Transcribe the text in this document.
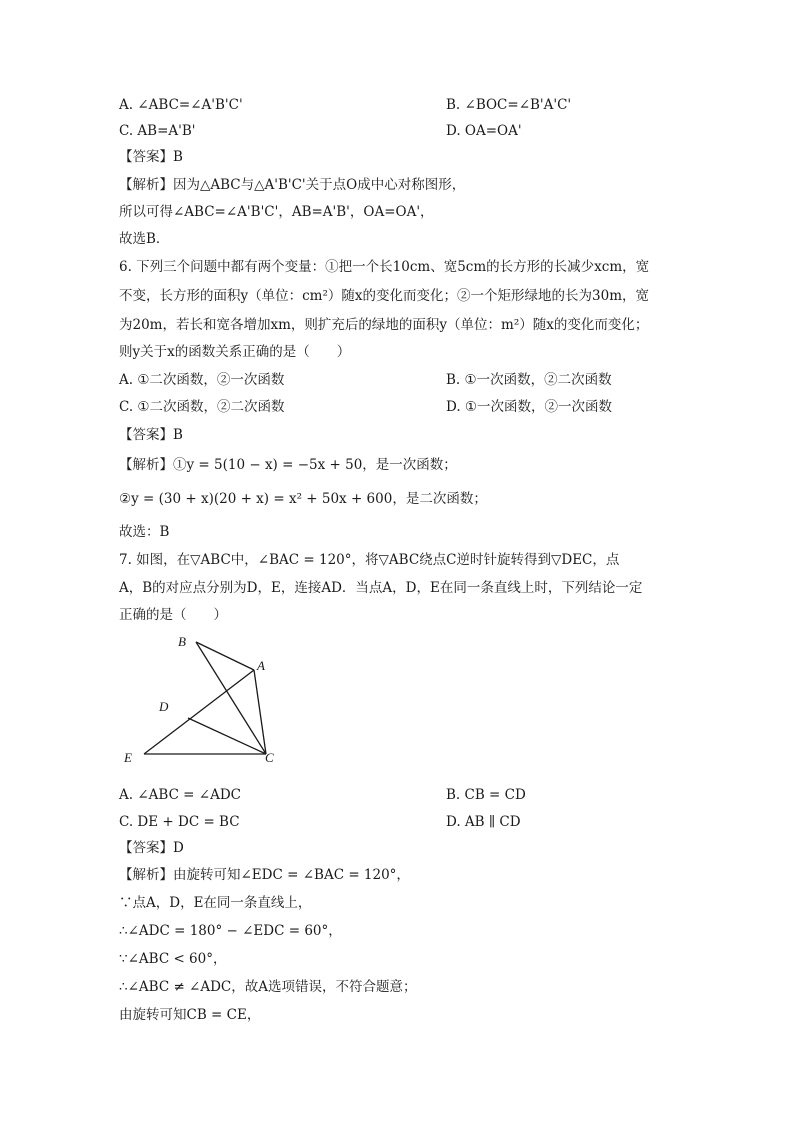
A. ∠ABC=∠A'B'C'	B. ∠BOC=∠B'A'C'
C. AB=A'B'	D. OA=OA'
【答案】B
【解析】因为△ABC与△A'B'C'关于点O成中心对称图形，
所以可得∠ABC=∠A'B'C'，AB=A'B'，OA=OA'，
故选B．
6. 下列三个问题中都有两个变量：①把一个长10cm、宽5cm的长方形的长减少xcm，宽
不变，长方形的面积y（单位：cm²）随x的变化而变化；②一个矩形绿地的长为30m，宽
为20m，若长和宽各增加xm，则扩充后的绿地的面积y（单位：m²）随x的变化而变化；
则y关于x的函数关系正确的是（　　）
A. ①二次函数，②一次函数	B. ①一次函数，②二次函数
C. ①二次函数，②二次函数	D. ①一次函数，②一次函数
【答案】B
【解析】①y = 5(10 − x) = −5x + 50，是一次函数；
②y = (30 + x)(20 + x) = x² + 50x + 600，是二次函数；
故选：B
7. 如图，在▽ABC中，∠BAC = 120°，将▽ABC绕点C逆时针旋转得到▽DEC，点
A，B的对应点分别为D，E，连接AD．当点A，D，E在同一条直线上时，下列结论一定
正确的是（　　）
B
A
D
E	C
A. ∠ABC = ∠ADC	B. CB = CD
C. DE + DC = BC	D. AB ∥ CD
【答案】D
【解析】由旋转可知∠EDC = ∠BAC = 120°，
∵点A，D，E在同一条直线上，
∴∠ADC = 180° − ∠EDC = 60°，
∵∠ABC < 60°，
∴∠ABC ≠ ∠ADC，故A选项错误，不符合题意；
由旋转可知CB = CE，
